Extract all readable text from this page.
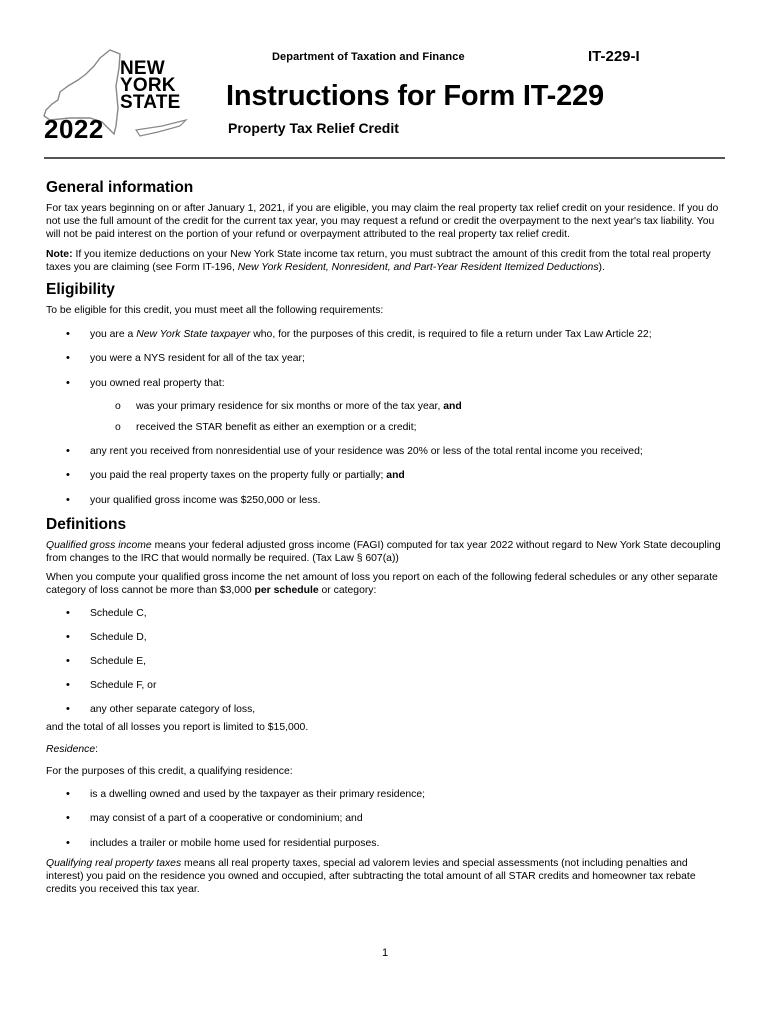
NEW
YORK
STATE
2022
Department of Taxation and Finance	IT-229-I
Instructions for Form IT-229
Property Tax Relief Credit
General information

For tax years beginning on or after January 1, 2021, if you are eligible, you may claim the real property tax relief credit on your residence. If you do not use the full amount of the credit for the current tax year, you may request a refund or credit the overpayment to the next year's tax liability. You will not be paid interest on the portion of your refund or overpayment attributed to the real property tax relief credit.

Note: If you itemize deductions on your New York State income tax return, you must subtract the amount of this credit from the total real property taxes you are claiming (see Form IT-196, New York Resident, Nonresident, and Part-Year Resident Itemized Deductions).

Eligibility

To be eligible for this credit, you must meet all the following requirements:

• you are a New York State taxpayer who, for the purposes of this credit, is required to file a return under Tax Law Article 22;
• you were a NYS resident for all of the tax year;
• you owned real property that:
o was your primary residence for six months or more of the tax year, and
o received the STAR benefit as either an exemption or a credit;
• any rent you received from nonresidential use of your residence was 20% or less of the total rental income you received;
• you paid the real property taxes on the property fully or partially; and
• your qualified gross income was $250,000 or less.
Definitions

Qualified gross income means your federal adjusted gross income (FAGI) computed for tax year 2022 without regard to New York State decoupling from changes to the IRC that would normally be required. (Tax Law § 607(a))

When you compute your qualified gross income the net amount of loss you report on each of the following federal schedules or any other separate category of loss cannot be more than $3,000 per schedule or category:

• Schedule C,
• Schedule D,
• Schedule E,
• Schedule F, or
• any other separate category of loss,

and the total of all losses you report is limited to $15,000.

Residence:

For the purposes of this credit, a qualifying residence:

• is a dwelling owned and used by the taxpayer as their primary residence;
• may consist of a part of a cooperative or condominium; and
• includes a trailer or mobile home used for residential purposes.

Qualifying real property taxes means all real property taxes, special ad valorem levies and special assessments (not including penalties and interest) you paid on the residence you owned and occupied, after subtracting the total amount of all STAR credits and homeowner tax rebate credits you received this tax year.

1
